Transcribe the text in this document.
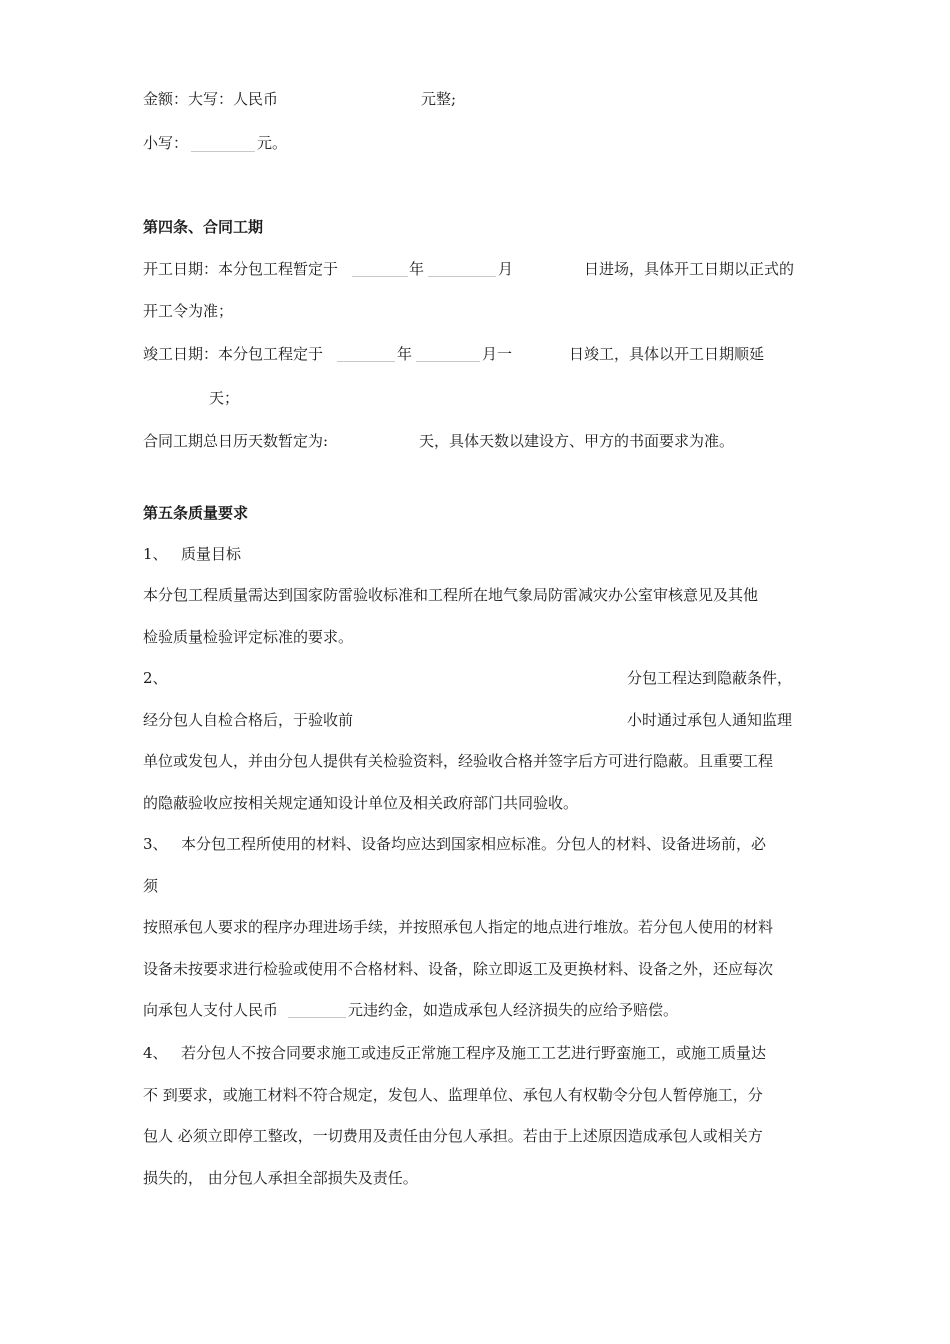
金额：大写：人民币	元整;
小写：	元。
第四条、合同工期
开工日期：本分包工程暂定于	年	月	日进场，具体开工日期以正式的
开工令为准；
竣工日期：本分包工程定于	年	月一	日竣工，具体以开工日期顺延
天；
合同工期总日历天数暂定为:	天，具体天数以建设方、甲方的书面要求为准。
第五条质量要求
1、 质量目标
本分包工程质量需达到国家防雷验收标准和工程所在地气象局防雷减灾办公室审核意见及其他
检验质量检验评定标准的要求。
2、	分包工程达到隐蔽条件，
经分包人自检合格后，于验收前	小时通过承包人通知监理
单位或发包人，并由分包人提供有关检验资料，经验收合格并签字后方可进行隐蔽。且重要工程
的隐蔽验收应按相关规定通知设计单位及相关政府部门共同验收。
3、 本分包工程所使用的材料、设备均应达到国家相应标准。分包人的材料、设备进场前，必
须
按照承包人要求的程序办理进场手续，并按照承包人指定的地点进行堆放。若分包人使用的材料
设备未按要求进行检验或使用不合格材料、设备，除立即返工及更换材料、设备之外，还应每次
向承包人支付人民币	元违约金，如造成承包人经济损失的应给予赔偿。
4、 若分包人不按合同要求施工或违反正常施工程序及施工工艺进行野蛮施工，或施工质量达
不 到要求，或施工材料不符合规定，发包人、监理单位、承包人有权勒令分包人暂停施工，分
包人 必须立即停工整改，一切费用及责任由分包人承担。若由于上述原因造成承包人或相关方
损失的， 由分包人承担全部损失及责任。
